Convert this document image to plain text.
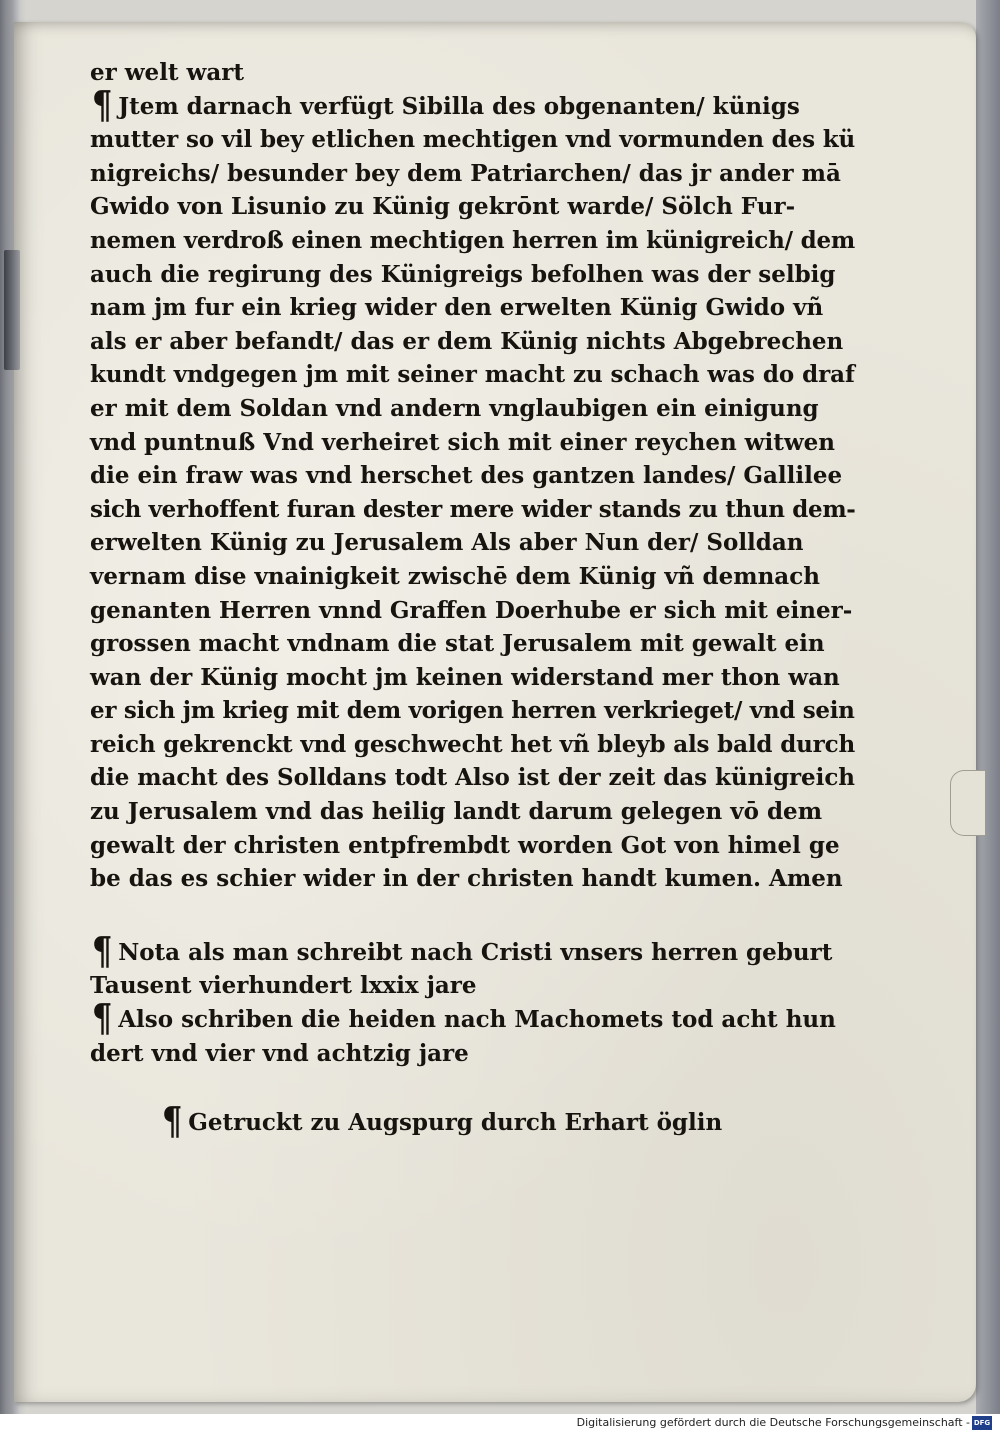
er welt wart
¶ Jtem darnach verfügt Sibilla des obgenanten/ künigs
mutter so vil bey etlichen mechtigen vnd vormunden des kü
nigreichs/ besunder bey dem Patriarchen/ das jr ander mā
Gwido von Lisunio zu Künig gekrōnt warde/ Sölch Fur-
nemen verdroß einen mechtigen herren im künigreich/ dem
auch die regirung des Künigreigs befolhen was der selbig
nam jm fur ein krieg wider den erwelten Künig Gwido vñ
als er aber befandt/ das er dem Künig nichts Abgebrechen
kundt vndgegen jm mit seiner macht zu schach was do draf
er mit dem Soldan vnd andern vnglaubigen ein einigung
vnd puntnuß Vnd verheiret sich mit einer reychen witwen
die ein fraw was vnd herschet des gantzen landes/ Gallilee
sich verhoffent furan dester mere wider stands zu thun dem-
erwelten Künig zu Jerusalem Als aber Nun der/ Solldan
vernam dise vnainigkeit zwischē dem Künig vñ demnach
genanten Herren vnnd Graffen Doerhube er sich mit einer-
grossen macht vndnam die stat Jerusalem mit gewalt ein
wan der Künig mocht jm keinen widerstand mer thon wan
er sich jm krieg mit dem vorigen herren verkrieget/ vnd sein
reich gekrenckt vnd geschwecht het vñ bleyb als bald durch
die macht des Solldans todt Also ist der zeit das künigreich
zu Jerusalem vnd das heilig landt darum gelegen vō dem
gewalt der christen entpfrembdt worden Got von himel ge
be das es schier wider in der christen handt kumen. Amen
¶ Nota als man schreibt nach Cristi vnsers herren geburt
Tausent vierhundert lxxix jare
¶ Also schriben die heiden nach Machomets tod acht hun
dert vnd vier vnd achtzig jare
¶ Getruckt zu Augspurg durch Erhart öglin
Digitalisierung gefördert durch die Deutsche Forschungsgemeinschaft - DFG
